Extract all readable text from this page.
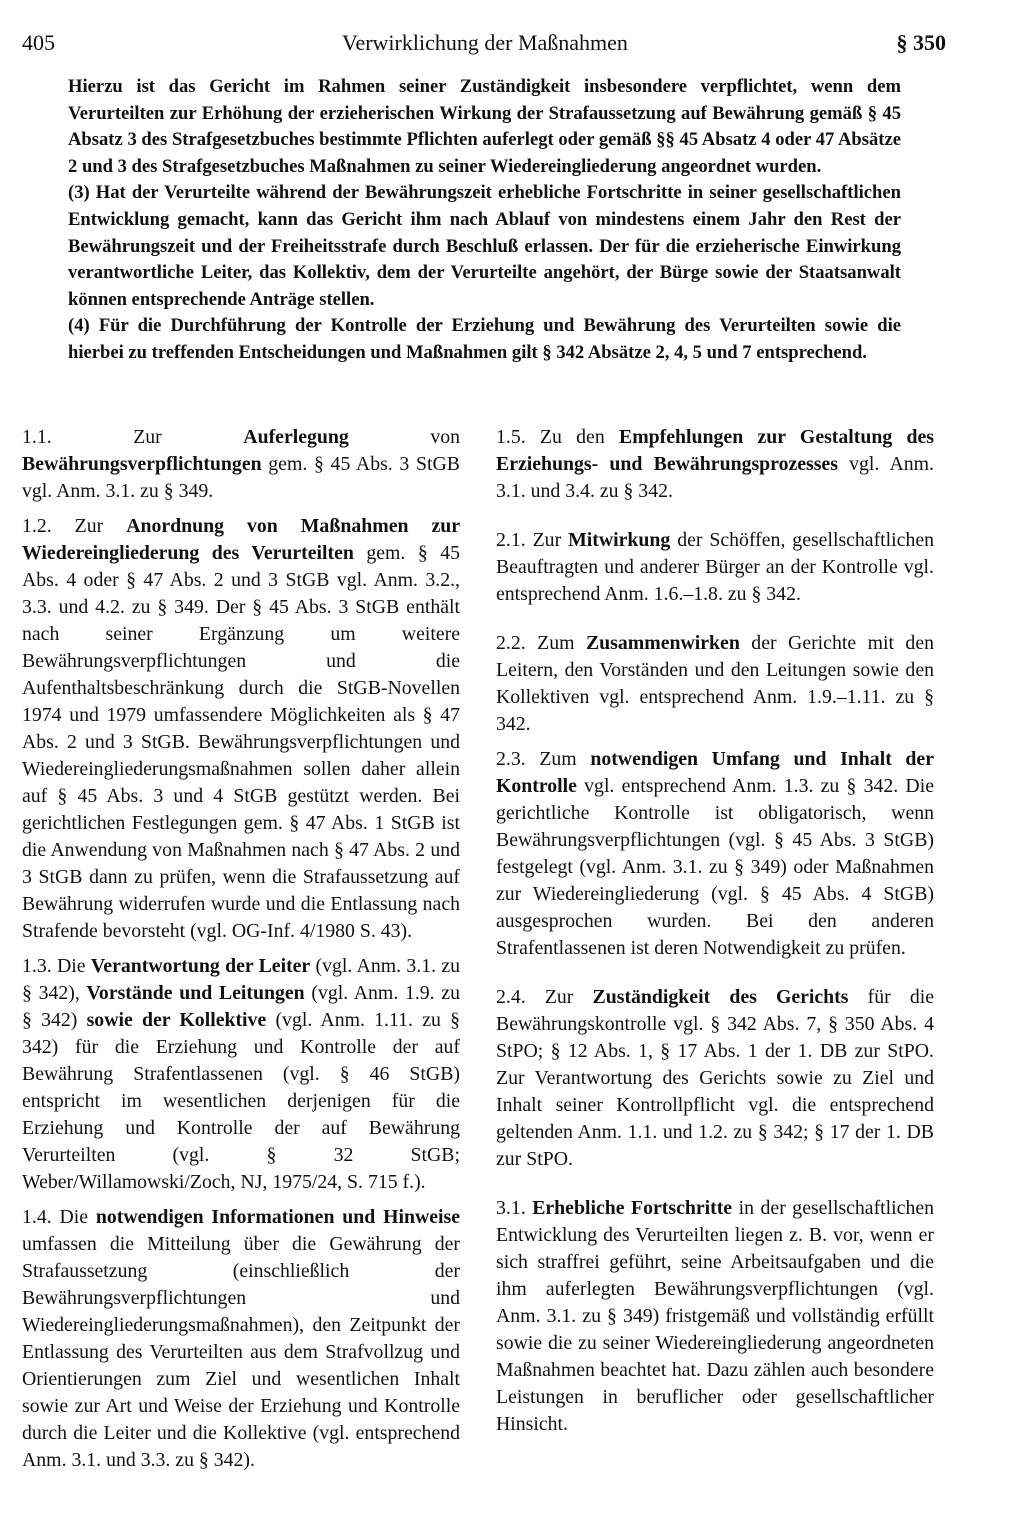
405	Verwirklichung der Maßnahmen	§ 350

Hierzu ist das Gericht im Rahmen seiner Zuständigkeit insbesondere verpflichtet, wenn dem Verurteilten zur Erhöhung der erzieherischen Wirkung der Strafaussetzung auf Bewährung gemäß § 45 Absatz 3 des Strafgesetzbuches bestimmte Pflichten auferlegt oder gemäß §§ 45 Absatz 4 oder 47 Absätze 2 und 3 des Strafgesetzbuches Maßnahmen zu seiner Wiedereingliederung angeordnet wurden.

(3) Hat der Verurteilte während der Bewährungszeit erhebliche Fortschritte in seiner gesellschaftlichen Entwicklung gemacht, kann das Gericht ihm nach Ablauf von mindestens einem Jahr den Rest der Bewährungszeit und der Freiheitsstrafe durch Beschluß erlassen. Der für die erzieherische Einwirkung verantwortliche Leiter, das Kollektiv, dem der Verurteilte angehört, der Bürge sowie der Staatsanwalt können entsprechende Anträge stellen.

(4) Für die Durchführung der Kontrolle der Erziehung und Bewährung des Verurteilten sowie die hierbei zu treffenden Entscheidungen und Maßnahmen gilt § 342 Absätze 2, 4, 5 und 7 entsprechend.

1.1. Zur Auferlegung von Bewährungsverpflichtungen gem. § 45 Abs. 3 StGB vgl. Anm. 3.1. zu § 349.

1.2. Zur Anordnung von Maßnahmen zur Wiedereingliederung des Verurteilten gem. § 45 Abs. 4 oder § 47 Abs. 2 und 3 StGB vgl. Anm. 3.2., 3.3. und 4.2. zu § 349. Der § 45 Abs. 3 StGB enthält nach seiner Ergänzung um weitere Bewährungsverpflichtungen und die Aufenthaltsbeschränkung durch die StGB-Novellen 1974 und 1979 umfassendere Möglichkeiten als § 47 Abs. 2 und 3 StGB. Bewährungsverpflichtungen und Wiedereingliederungsmaßnahmen sollen daher allein auf § 45 Abs. 3 und 4 StGB gestützt werden. Bei gerichtlichen Festlegungen gem. § 47 Abs. 1 StGB ist die Anwendung von Maßnahmen nach § 47 Abs. 2 und 3 StGB dann zu prüfen, wenn die Strafaussetzung auf Bewährung widerrufen wurde und die Entlassung nach Strafende bevorsteht (vgl. OG-Inf. 4/1980 S. 43).

1.3. Die Verantwortung der Leiter (vgl. Anm. 3.1. zu § 342), Vorstände und Leitungen (vgl. Anm. 1.9. zu § 342) sowie der Kollektive (vgl. Anm. 1.11. zu § 342) für die Erziehung und Kontrolle der auf Bewährung Strafentlassenen (vgl. § 46 StGB) entspricht im wesentlichen derjenigen für die Erziehung und Kontrolle der auf Bewährung Verurteilten (vgl. § 32 StGB; Weber/Willamowski/Zoch, NJ, 1975/24, S. 715 f.).

1.4. Die notwendigen Informationen und Hinweise umfassen die Mitteilung über die Gewährung der Strafaussetzung (einschließlich der Bewährungsverpflichtungen und Wiedereingliederungsmaßnahmen), den Zeitpunkt der Entlassung des Verurteilten aus dem Strafvollzug und Orientierungen zum Ziel und wesentlichen Inhalt sowie zur Art und Weise der Erziehung und Kontrolle durch die Leiter und die Kollektive (vgl. entsprechend Anm. 3.1. und 3.3. zu § 342).

1.5. Zu den Empfehlungen zur Gestaltung des Erziehungs- und Bewährungsprozesses vgl. Anm. 3.1. und 3.4. zu § 342.

2.1. Zur Mitwirkung der Schöffen, gesellschaftlichen Beauftragten und anderer Bürger an der Kontrolle vgl. entsprechend Anm. 1.6.–1.8. zu § 342.

2.2. Zum Zusammenwirken der Gerichte mit den Leitern, den Vorständen und den Leitungen sowie den Kollektiven vgl. entsprechend Anm. 1.9.–1.11. zu § 342.

2.3. Zum notwendigen Umfang und Inhalt der Kontrolle vgl. entsprechend Anm. 1.3. zu § 342. Die gerichtliche Kontrolle ist obligatorisch, wenn Bewährungsverpflichtungen (vgl. § 45 Abs. 3 StGB) festgelegt (vgl. Anm. 3.1. zu § 349) oder Maßnahmen zur Wiedereingliederung (vgl. § 45 Abs. 4 StGB) ausgesprochen wurden. Bei den anderen Strafentlassenen ist deren Notwendigkeit zu prüfen.

2.4. Zur Zuständigkeit des Gerichts für die Bewährungskontrolle vgl. § 342 Abs. 7, § 350 Abs. 4 StPO; § 12 Abs. 1, § 17 Abs. 1 der 1. DB zur StPO. Zur Verantwortung des Gerichts sowie zu Ziel und Inhalt seiner Kontrollpflicht vgl. die entsprechend geltenden Anm. 1.1. und 1.2. zu § 342; § 17 der 1. DB zur StPO.

3.1. Erhebliche Fortschritte in der gesellschaftlichen Entwicklung des Verurteilten liegen z. B. vor, wenn er sich straffrei geführt, seine Arbeitsaufgaben und die ihm auferlegten Bewährungsverpflichtungen (vgl. Anm. 3.1. zu § 349) fristgemäß und vollständig erfüllt sowie die zu seiner Wiedereingliederung angeordneten Maßnahmen beachtet hat. Dazu zählen auch besondere Leistungen in beruflicher oder gesellschaftlicher Hinsicht.
